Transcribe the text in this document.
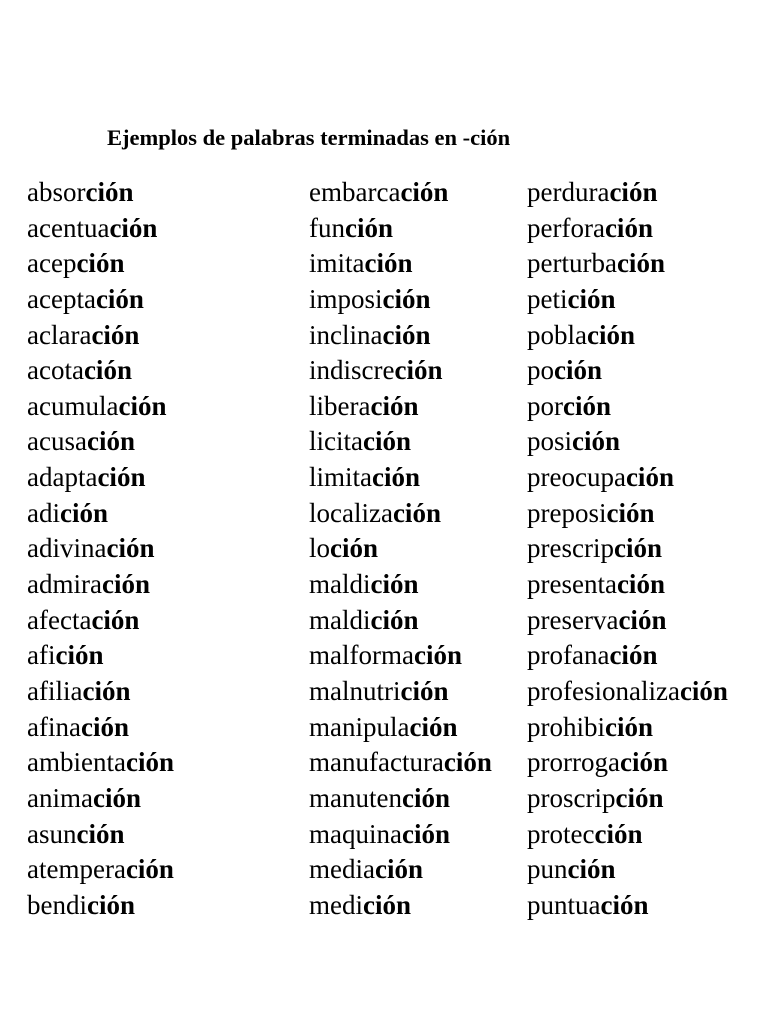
Ejemplos de palabras terminadas en -ción
absorción
acentuación
acepción
aceptación
aclaración
acotación
acumulación
acusación
adaptación
adición
adivinación
admiración
afectación
afición
afiliación
afinación
ambientación
animación
asunción
atemperación
bendición
embarcación
función
imitación
imposición
inclinación
indiscreción
liberación
licitación
limitación
localización
loción
maldición
maldición
malformación
malnutrición
manipulación
manufacturación
manutención
maquinación
mediación
medición
perduración
perforación
perturbación
petición
población
poción
porción
posición
preocupación
preposición
prescripción
presentación
preservación
profanación
profesionalización
prohibición
prorrogación
proscripción
protección
punción
puntuación
